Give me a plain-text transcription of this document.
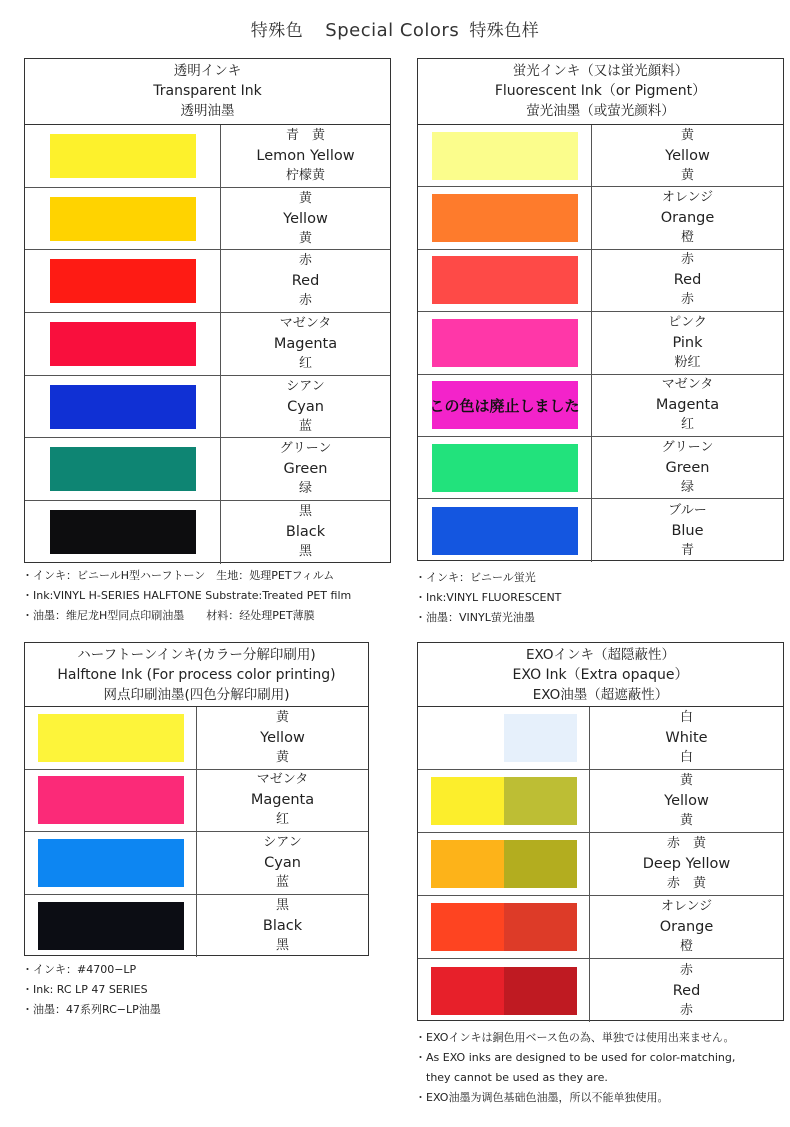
特殊色 Special Colors 特殊色样
透明インキ
Transparent Ink
透明油墨
青　黄
Lemon Yellow
柠檬黄
黄
Yellow
黄
赤
Red
赤
マゼンタ
Magenta
红
シアン
Cyan
蓝
グリーン
Green
绿
黒
Black
黑
・インキ：ビニールH型ハーフトーン　生地：処理PETフィルム
・Ink:VINYL H-SERIES HALFTONE Substrate:Treated PET film
・油墨：维尼龙H型同点印刷油墨　　材料：经处理PET薄膜
蛍光インキ（又は蛍光顔料）
Fluorescent Ink（or Pigment）
萤光油墨（或萤光颜料）
黄
Yellow
黄
オレンジ
Orange
橙
赤
Red
赤
ピンク
Pink
粉红
この色は廃止しました
マゼンタ
Magenta
红
グリーン
Green
绿
ブルー
Blue
青
・インキ：ビニール蛍光
・Ink:VINYL FLUORESCENT
・油墨：VINYL萤光油墨
ハーフトーンインキ(カラー分解印刷用)
Halftone Ink (For process color printing)
网点印刷油墨(四色分解印刷用)
黄
Yellow
黄
マゼンタ
Magenta
红
シアン
Cyan
蓝
黒
Black
黑
・インキ：#4700−LP
・Ink: RC LP 47 SERIES
・油墨：47系列RC−LP油墨
EXOインキ（超隠蔽性）
EXO Ink（Extra opaque）
EXO油墨（超遮蔽性）
白
White
白
黄
Yellow
黄
赤　黄
Deep Yellow
赤　黄
オレンジ
Orange
橙
赤
Red
赤
・EXOインキは銅色用ベース色の為、単独では使用出来ません。
・As EXO inks are designed to be used for color-matching,
　they cannot be used as they are.
・EXO油墨为调色基础色油墨，所以不能单独使用。
